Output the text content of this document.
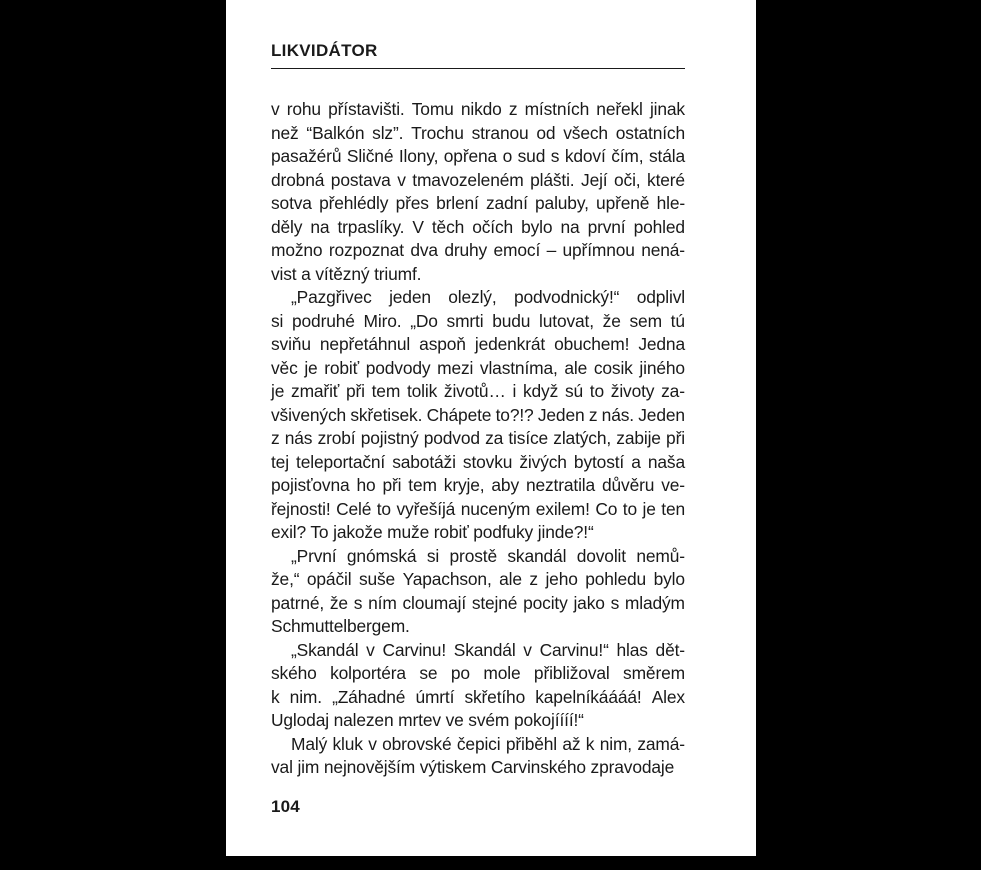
LIKVIDÁTOR

v rohu přístavišti. Tomu nikdo z místních neřekl jinak
než “Balkón slz”. Trochu stranou od všech ostatních
pasažérů Sličné Ilony, opřena o sud s kdoví čím, stála
drobná postava v tmavozeleném plášti. Její oči, které
sotva přehlédly přes brlení zadní paluby, upřeně hle-
děly na trpaslíky. V těch očích bylo na první pohled
možno rozpoznat dva druhy emocí – upřímnou nená-
vist a vítězný triumf.

„Pazgřivec jeden olezlý, podvodnický!“ odplivl
si podruhé Miro. „Do smrti budu lutovat, že sem tú
sviňu nepřetáhnul aspoň jedenkrát obuchem! Jedna
věc je robiť podvody mezi vlastníma, ale cosik jiného
je zmařiť při tem tolik životů… i když sú to životy za-
všivených skřetisek. Chápete to?!? Jeden z nás. Jeden
z nás zrobí pojistný podvod za tisíce zlatých, zabije při
tej teleportační sabotáži stovku živých bytostí a naša
pojisťovna ho při tem kryje, aby neztratila důvěru ve-
řejnosti! Celé to vyřešíjá nuceným exilem! Co to je ten
exil? To jakože muže robiť podfuky jinde?!“

„První gnómská si prostě skandál dovolit nemů-
že,“ opáčil suše Yapachson, ale z jeho pohledu bylo
patrné, že s ním cloumají stejné pocity jako s mladým
Schmuttelbergem.

„Skandál v Carvinu! Skandál v Carvinu!“ hlas dět-
ského kolportéra se po mole přibližoval směrem
k nim. „Záhadné úmrtí skřetího kapelníkáááá! Alex
Uglodaj nalezen mrtev ve svém pokojíííí!“

Malý kluk v obrovské čepici přiběhl až k nim, zamá-
val jim nejnovějším výtiskem Carvinského zpravodaje

104
